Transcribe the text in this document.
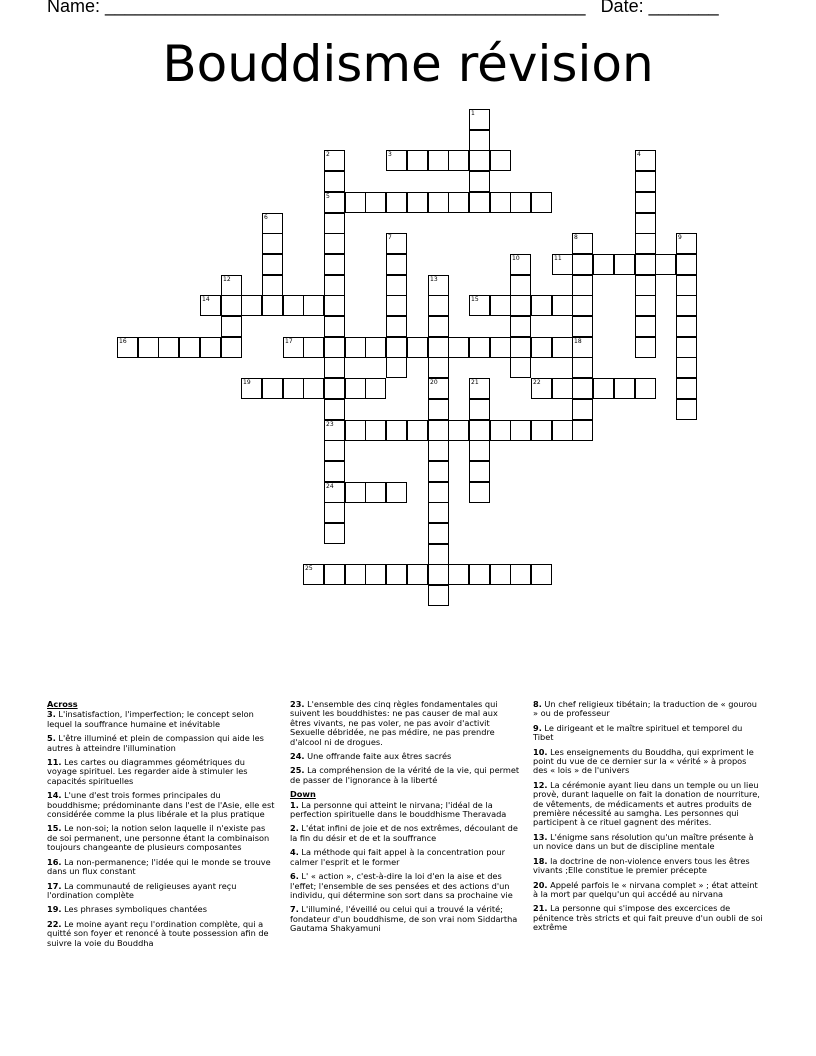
Name: ________________________________________________ Date: _______
Bouddisme révision
1
2
5
23
24
3	4
6
7	8
18
9
10	11
12	13
20
14	15
16	17
19	21	22
25
Across
3. L'insatisfaction, l'imperfection; le concept selon lequel la souffrance humaine et inévitable
5. L'être illuminé et plein de compassion qui aide les autres à atteindre l'illumination
11. Les cartes ou diagrammes géométriques du voyage spirituel. Les regarder aide à stimuler les capacités spirituelles
14. L'une d'est trois formes principales du bouddhisme; prédominante dans l'est de l'Asie, elle est considérée comme la plus libérale et la plus pratique
15. Le non-soi; la notion selon laquelle il n'existe pas de soi permanent, une personne étant la combinaison toujours changeante de plusieurs composantes
16. La non-permanence; l'idée qui le monde se trouve dans un flux constant
17. La communauté de religieuses ayant reçu l'ordination complète
19. Les phrases symboliques chantées
22. Le moine ayant reçu l'ordination complète, qui a quitté son foyer et renoncé à toute possession afin de suivre la voie du Bouddha
23. L'ensemble des cinq règles fondamentales qui suivent les bouddhistes: ne pas causer de mal aux êtres vivants, ne pas voler, ne pas avoir d'activit Sexuelle débridée, ne pas médire, ne pas prendre d'alcool ni de drogues.
24. Une offrande faite aux êtres sacrés
25. La compréhension de la vérité de la vie, qui permet de passer de l'ignorance à la liberté
Down
1. La personne qui atteint le nirvana; l'idéal de la perfection spirituelle dans le bouddhisme Theravada
2. L'état infini de joie et de nos extrêmes, découlant de la fin du désir et de et la souffrance
4. La méthode qui fait appel à la concentration pour calmer l'esprit et le former
6. L' « action », c'est-à-dire la loi d'en la aise et des l'effet; l'ensemble de ses pensées et des actions d'un individu, qui détermine son sort dans sa prochaine vie
7. L'illuminé, l'éveillé ou celui qui a trouvé la vérité; fondateur d'un bouddhisme, de son vrai nom Siddartha Gautama Shakyamuni
8. Un chef religieux tibétain; la traduction de « gourou » ou de professeur
9. Le dirigeant et le maître spirituel et temporel du Tibet
10. Les enseignements du Bouddha, qui expriment le point du vue de ce dernier sur la « vérité » à propos des « lois » de l'univers
12. La cérémonie ayant lieu dans un temple ou un lieu provè, durant laquelle on fait la donation de nourriture, de vêtements, de médicaments et autres produits de première nécessité au samgha. Les personnes qui participent à ce rituel gagnent des mérites.
13. L'énigme sans résolution qu'un maître présente à un novice dans un but de discipline mentale
18. la doctrine de non-violence envers tous les êtres vivants ;Elle constitue le premier précepte
20. Appelé parfois le « nirvana complet » ; état atteint à la mort par quelqu'un qui accédé au nirvana
21. La personne qui s'impose des excercices de pénitence très stricts et qui fait preuve d'un oubli de soi extrême
